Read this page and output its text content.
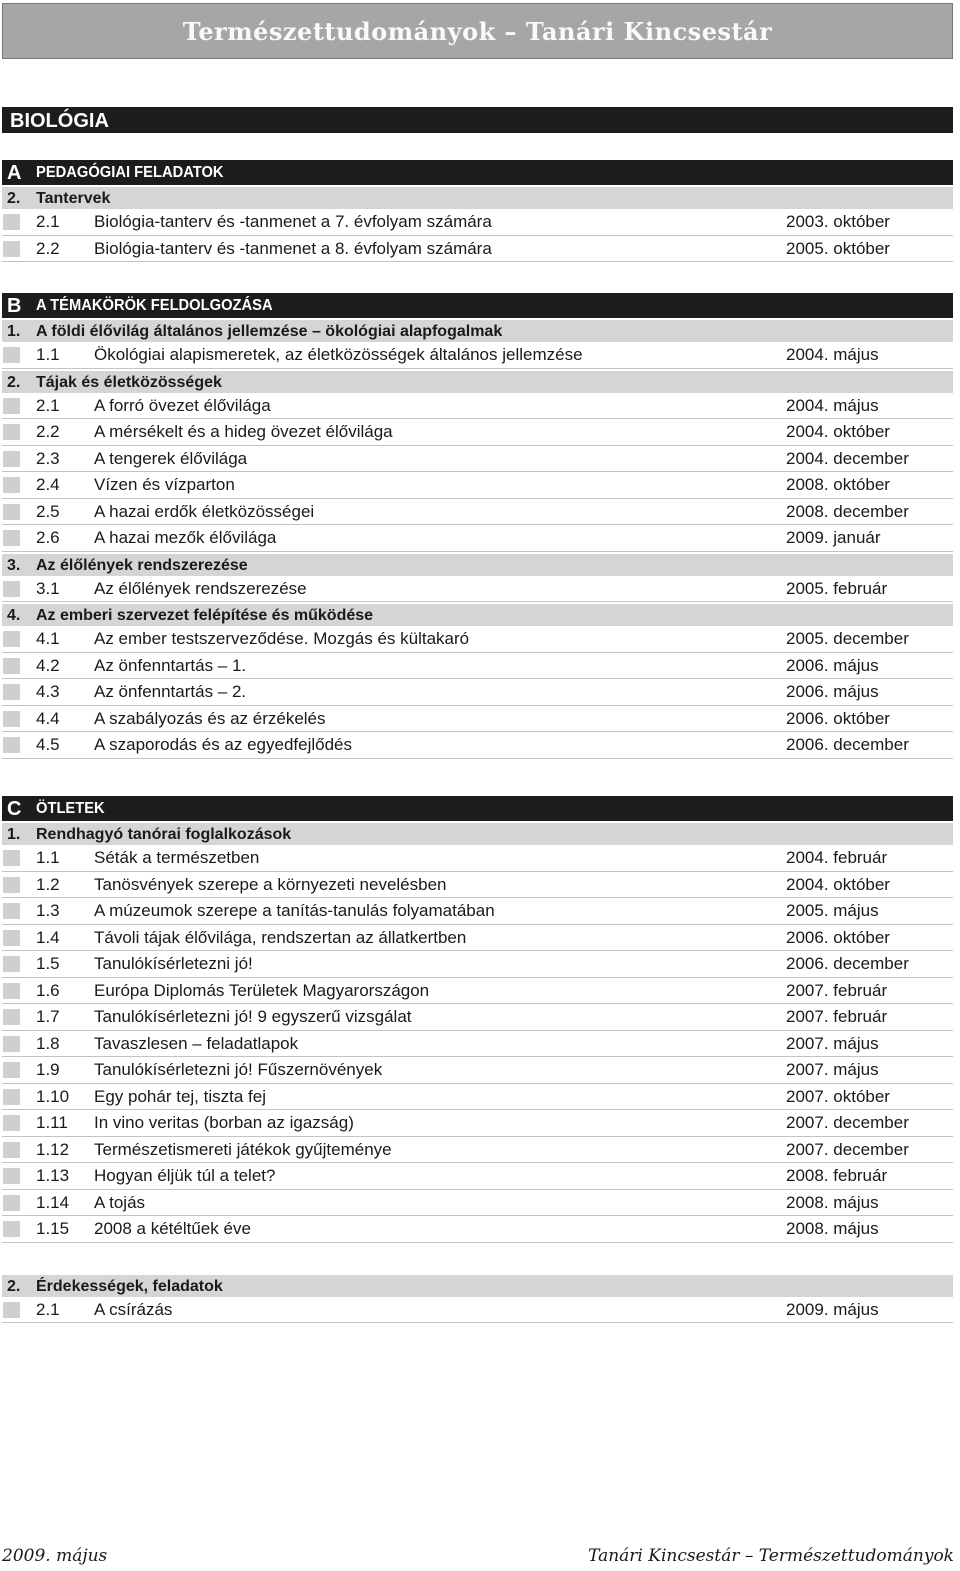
Természettudományok – Tanári Kincsestár
BIOLÓGIA
A PEDAGÓGIAI FELADATOK
2. Tantervek
2.1 Biológia-tanterv és -tanmenet a 7. évfolyam számára	2003. október
2.2 Biológia-tanterv és -tanmenet a 8. évfolyam számára	2005. október
B A TÉMAKÖRÖK FELDOLGOZÁSA
1. A földi élővilág általános jellemzése – ökológiai alapfogalmak
1.1 Ökológiai alapismeretek, az életközösségek általános jellemzése	2004. május
2. Tájak és életközösségek
2.1 A forró övezet élővilága	2004. május
2.2 A mérsékelt és a hideg övezet élővilága	2004. október
2.3 A tengerek élővilága	2004. december
2.4 Vízen és vízparton	2008. október
2.5 A hazai erdők életközösségei	2008. december
2.6 A hazai mezők élővilága	2009. január
3. Az élőlények rendszerezése
3.1 Az élőlények rendszerezése	2005. február
4. Az emberi szervezet felépítése és működése
4.1 Az ember testszerveződése. Mozgás és kültakaró	2005. december
4.2 Az önfenntartás – 1.	2006. május
4.3 Az önfenntartás – 2.	2006. május
4.4 A szabályozás és az érzékelés	2006. október
4.5 A szaporodás és az egyedfejlődés	2006. december
C ÖTLETEK
1. Rendhagyó tanórai foglalkozások
1.1 Séták a természetben	2004. február
1.2 Tanösvények szerepe a környezeti nevelésben	2004. október
1.3 A múzeumok szerepe a tanítás-tanulás folyamatában	2005. május
1.4 Távoli tájak élővilága, rendszertan az állatkertben	2006. október
1.5 Tanulókísérletezni jó!	2006. december
1.6 Európa Diplomás Területek Magyarországon	2007. február
1.7 Tanulókísérletezni jó! 9 egyszerű vizsgálat	2007. február
1.8 Tavaszlesen – feladatlapok	2007. május
1.9 Tanulókísérletezni jó! Fűszernövények	2007. május
1.10 Egy pohár tej, tiszta fej	2007. október
1.11 In vino veritas (borban az igazság)	2007. december
1.12 Természetismereti játékok gyűjteménye	2007. december
1.13 Hogyan éljük túl a telet?	2008. február
1.14 A tojás	2008. május
1.15 2008 a kétéltűek éve	2008. május
2. Érdekességek, feladatok
2.1 A csírázás	2009. május
2009. május	Tanári Kincsestár – Természettudományok
